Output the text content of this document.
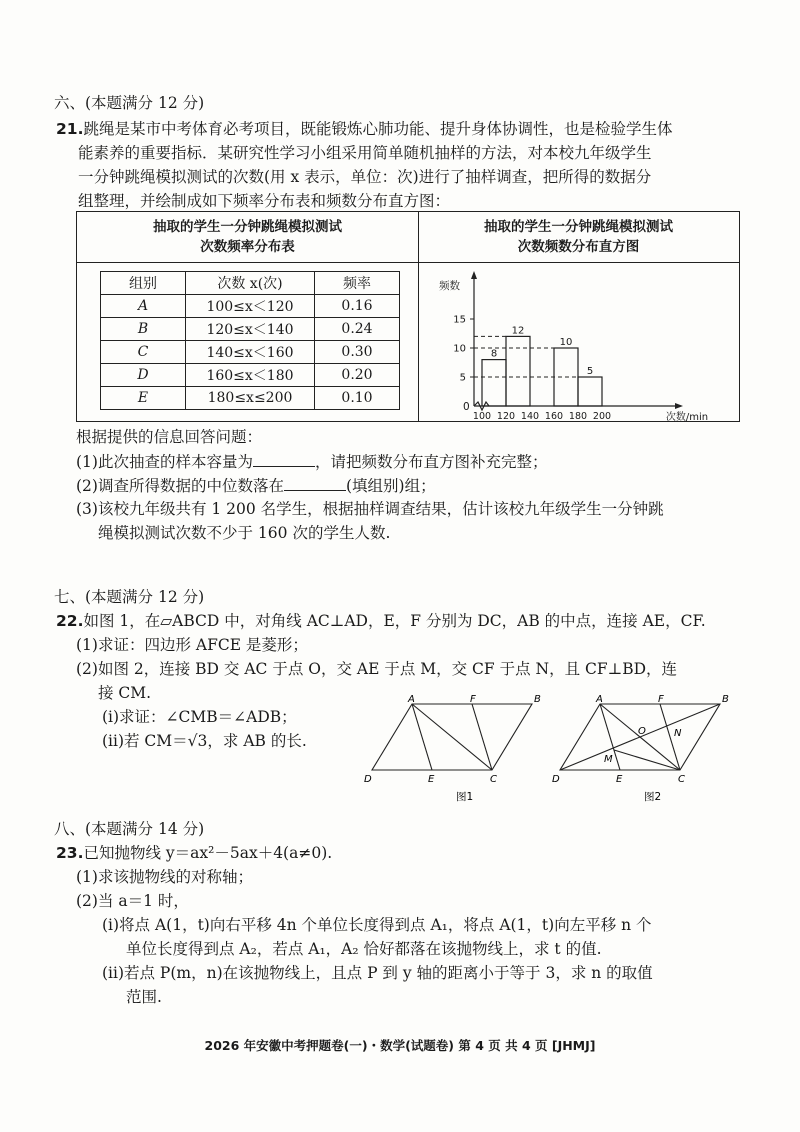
六、(本题满分 12 分)
21.跳绳是某市中考体育必考项目，既能锻炼心肺功能、提升身体协调性，也是检验学生体
能素养的重要指标．某研究性学习小组采用简单随机抽样的方法，对本校九年级学生
一分钟跳绳模拟测试的次数(用 x 表示，单位：次)进行了抽样调查，把所得的数据分
组整理，并绘制成如下频率分布表和频数分布直方图：
抽取的学生一分钟跳绳模拟测试
次数频率分布表
抽取的学生一分钟跳绳模拟测试
次数频数分布直方图
组别	次数 x(次)	频率
A	100≤x＜120	0.16
B	120≤x＜140	0.24
C	140≤x＜160	0.30
D	160≤x＜180	0.20
E	180≤x≤200	0.10
5
10
15
100 120 140 160 180 200
8
12
10
5
频数
次数/min
0
根据提供的信息回答问题：
(1)此次抽查的样本容量为	，请把频数分布直方图补充完整；
(2)调查所得数据的中位数落在	(填组别)组；
(3)该校九年级共有 1 200 名学生，根据抽样调查结果，估计该校九年级学生一分钟跳
绳模拟测试次数不少于 160 次的学生人数.
七、(本题满分 12 分)
22.如图 1，在▱ABCD 中，对角线 AC⊥AD，E，F 分别为 DC，AB 的中点，连接 AE，CF.
(1)求证：四边形 AFCE 是菱形；
(2)如图 2，连接 BD 交 AC 于点 O，交 AE 于点 M，交 CF 于点 N，且 CF⊥BD，连
接 CM.
(ⅰ)求证：∠CMB＝∠ADB；
(ⅱ)若 CM＝√3，求 AB 的长.
A	F	B
D	E	C
图1
A	F	B
O	N
M
D	E	C
图2
八、(本题满分 14 分)
23.已知抛物线 y＝ax²－5ax＋4(a≠0).
(1)求该抛物线的对称轴；
(2)当 a＝1 时，
(ⅰ)将点 A(1，t)向右平移 4n 个单位长度得到点 A₁，将点 A(1，t)向左平移 n 个
单位长度得到点 A₂，若点 A₁，A₂ 恰好都落在该抛物线上，求 t 的值.
(ⅱ)若点 P(m，n)在该抛物线上，且点 P 到 y 轴的距离小于等于 3，求 n 的取值
范围.
2026 年安徽中考押题卷(一)・数学(试题卷) 第 4 页 共 4 页 [JHMJ]
